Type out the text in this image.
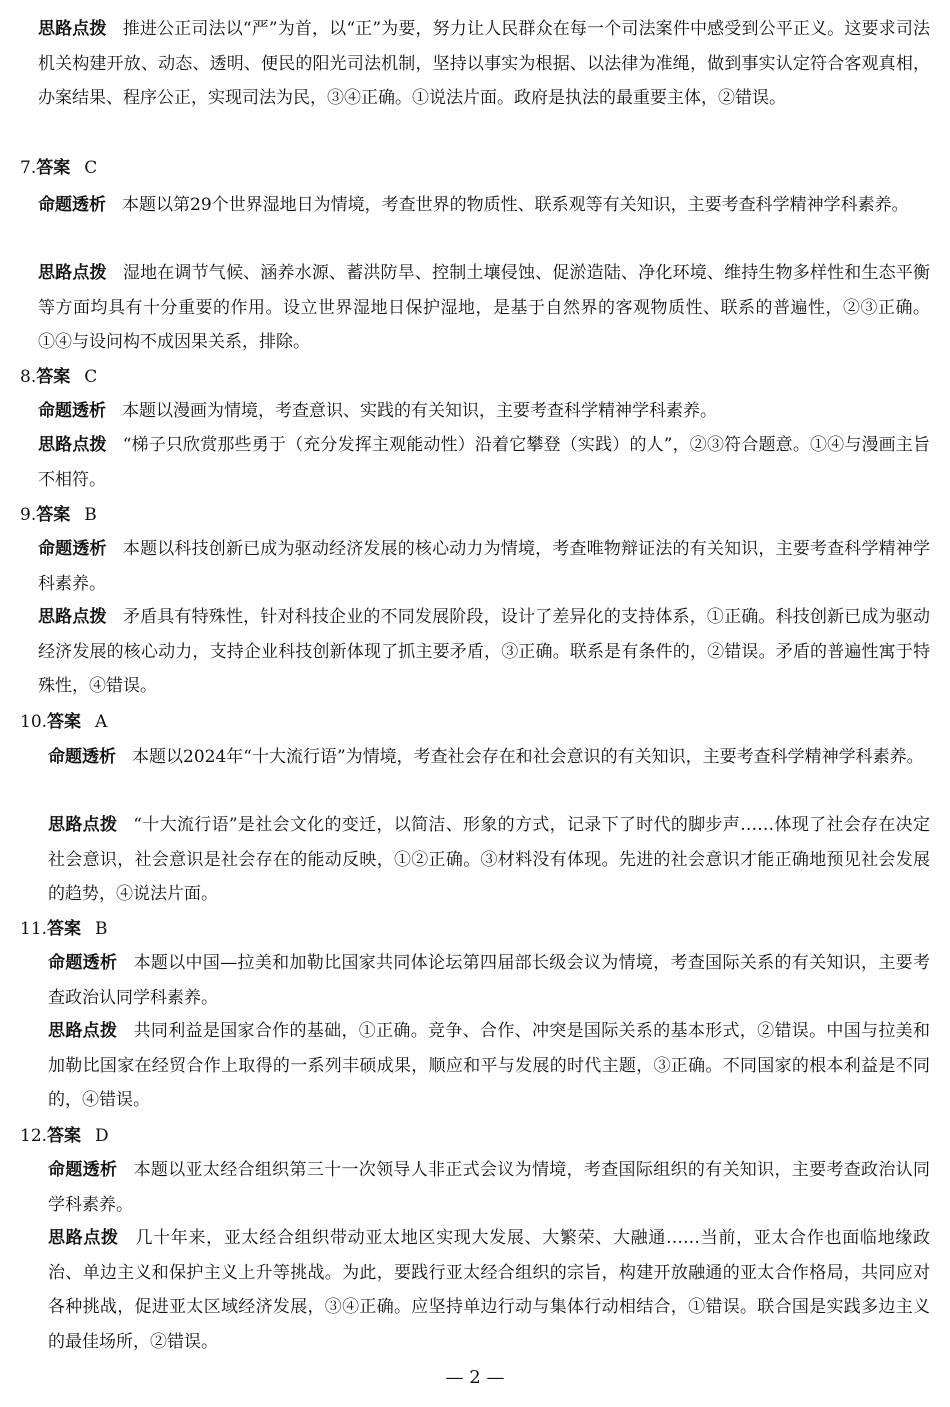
思路点拨 推进公正司法以“严”为首，以“正”为要，努力让人民群众在每一个司法案件中感受到公平正义。这要求司法机关构建开放、动态、透明、便民的阳光司法机制，坚持以事实为根据、以法律为准绳，做到事实认定符合客观真相，办案结果、程序公正，实现司法为民，③④正确。①说法片面。政府是执法的最重要主体，②错误。

7.答案 C

命题透析 本题以第29个世界湿地日为情境，考查世界的物质性、联系观等有关知识，主要考查科学精神学科素养。

思路点拨 湿地在调节气候、涵养水源、蓄洪防旱、控制土壤侵蚀、促淤造陆、净化环境、维持生物多样性和生态平衡等方面均具有十分重要的作用。设立世界湿地日保护湿地，是基于自然界的客观物质性、联系的普遍性，②③正确。①④与设问构不成因果关系，排除。

8.答案 C

命题透析 本题以漫画为情境，考查意识、实践的有关知识，主要考查科学精神学科素养。

思路点拨 “梯子只欣赏那些勇于（充分发挥主观能动性）沿着它攀登（实践）的人”，②③符合题意。①④与漫画主旨不相符。

9.答案 B

命题透析 本题以科技创新已成为驱动经济发展的核心动力为情境，考查唯物辩证法的有关知识，主要考查科学精神学科素养。

思路点拨 矛盾具有特殊性，针对科技企业的不同发展阶段，设计了差异化的支持体系，①正确。科技创新已成为驱动经济发展的核心动力，支持企业科技创新体现了抓主要矛盾，③正确。联系是有条件的，②错误。矛盾的普遍性寓于特殊性，④错误。

10.答案 A

命题透析 本题以2024年“十大流行语”为情境，考查社会存在和社会意识的有关知识，主要考查科学精神学科素养。

思路点拨 “十大流行语”是社会文化的变迁，以简洁、形象的方式，记录下了时代的脚步声……体现了社会存在决定社会意识，社会意识是社会存在的能动反映，①②正确。③材料没有体现。先进的社会意识才能正确地预见社会发展的趋势，④说法片面。

11.答案 B

命题透析 本题以中国—拉美和加勒比国家共同体论坛第四届部长级会议为情境，考查国际关系的有关知识，主要考查政治认同学科素养。

思路点拨 共同利益是国家合作的基础，①正确。竞争、合作、冲突是国际关系的基本形式，②错误。中国与拉美和加勒比国家在经贸合作上取得的一系列丰硕成果，顺应和平与发展的时代主题，③正确。不同国家的根本利益是不同的，④错误。

12.答案 D

命题透析 本题以亚太经合组织第三十一次领导人非正式会议为情境，考查国际组织的有关知识，主要考查政治认同学科素养。

思路点拨 几十年来，亚太经合组织带动亚太地区实现大发展、大繁荣、大融通……当前，亚太合作也面临地缘政治、单边主义和保护主义上升等挑战。为此，要践行亚太经合组织的宗旨，构建开放融通的亚太合作格局，共同应对各种挑战，促进亚太区域经济发展，③④正确。应坚持单边行动与集体行动相结合，①错误。联合国是实践多边主义的最佳场所，②错误。

— 2 —
